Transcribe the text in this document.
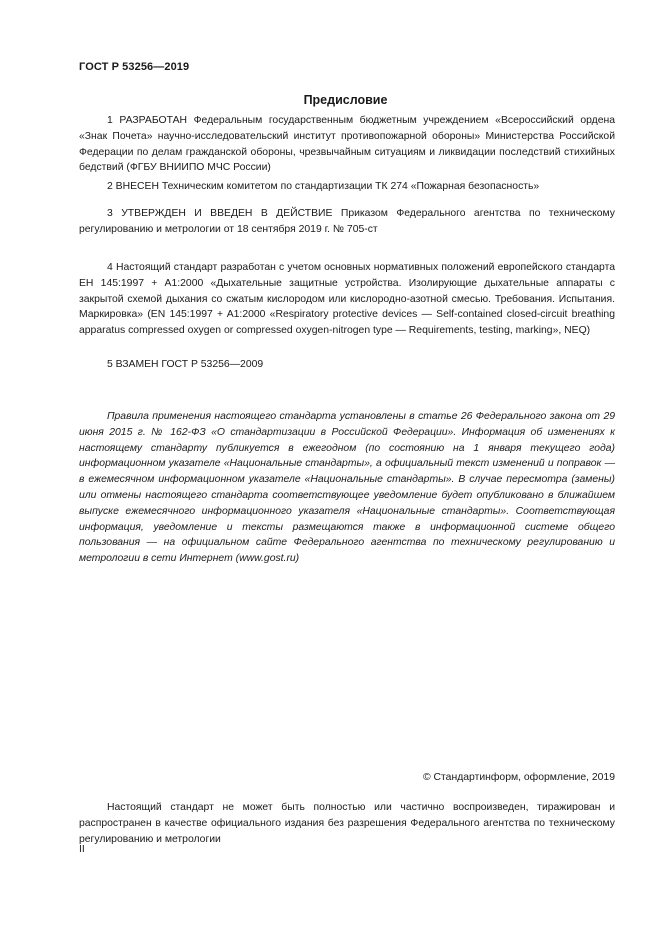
ГОСТ Р 53256—2019
Предисловие

1 РАЗРАБОТАН Федеральным государственным бюджетным учреждением «Всероссийский ордена «Знак Почета» научно-исследовательский институт противопожарной обороны» Министерства Российской Федерации по делам гражданской обороны, чрезвычайным ситуациям и ликвидации последствий стихийных бедствий (ФГБУ ВНИИПО МЧС России)

2 ВНЕСЕН Техническим комитетом по стандартизации ТК 274 «Пожарная безопасность»

3 УТВЕРЖДЕН И ВВЕДЕН В ДЕЙСТВИЕ Приказом Федерального агентства по техническому регулированию и метрологии от 18 сентября 2019 г. № 705-ст

4 Настоящий стандарт разработан с учетом основных нормативных положений европейского стандарта ЕН 145:1997 + А1:2000 «Дыхательные защитные устройства. Изолирующие дыхательные аппараты с закрытой схемой дыхания со сжатым кислородом или кислородно-азотной смесью. Требования. Испытания. Маркировка» (EN 145:1997 + A1:2000 «Respiratory protective devices — Self-contained closed-circuit breathing apparatus compressed oxygen or compressed oxygen-nitrogen type — Requirements, testing, marking», NEQ)

5 ВЗАМЕН ГОСТ Р 53256—2009

Правила применения настоящего стандарта установлены в статье 26 Федерального закона от 29 июня 2015 г. № 162-ФЗ «О стандартизации в Российской Федерации». Информация об изменениях к настоящему стандарту публикуется в ежегодном (по состоянию на 1 января текущего года) информационном указателе «Национальные стандарты», а официальный текст изменений и поправок — в ежемесячном информационном указателе «Национальные стандарты». В случае пересмотра (замены) или отмены настоящего стандарта соответствующее уведомление будет опубликовано в ближайшем выпуске ежемесячного информационного указателя «Национальные стандарты». Соответствующая информация, уведомление и тексты размещаются также в информационной системе общего пользования — на официальном сайте Федерального агентства по техническому регулированию и метрологии в сети Интернет (www.gost.ru)

© Стандартинформ, оформление, 2019

Настоящий стандарт не может быть полностью или частично воспроизведен, тиражирован и распространен в качестве официального издания без разрешения Федерального агентства по техническому регулированию и метрологии

II
